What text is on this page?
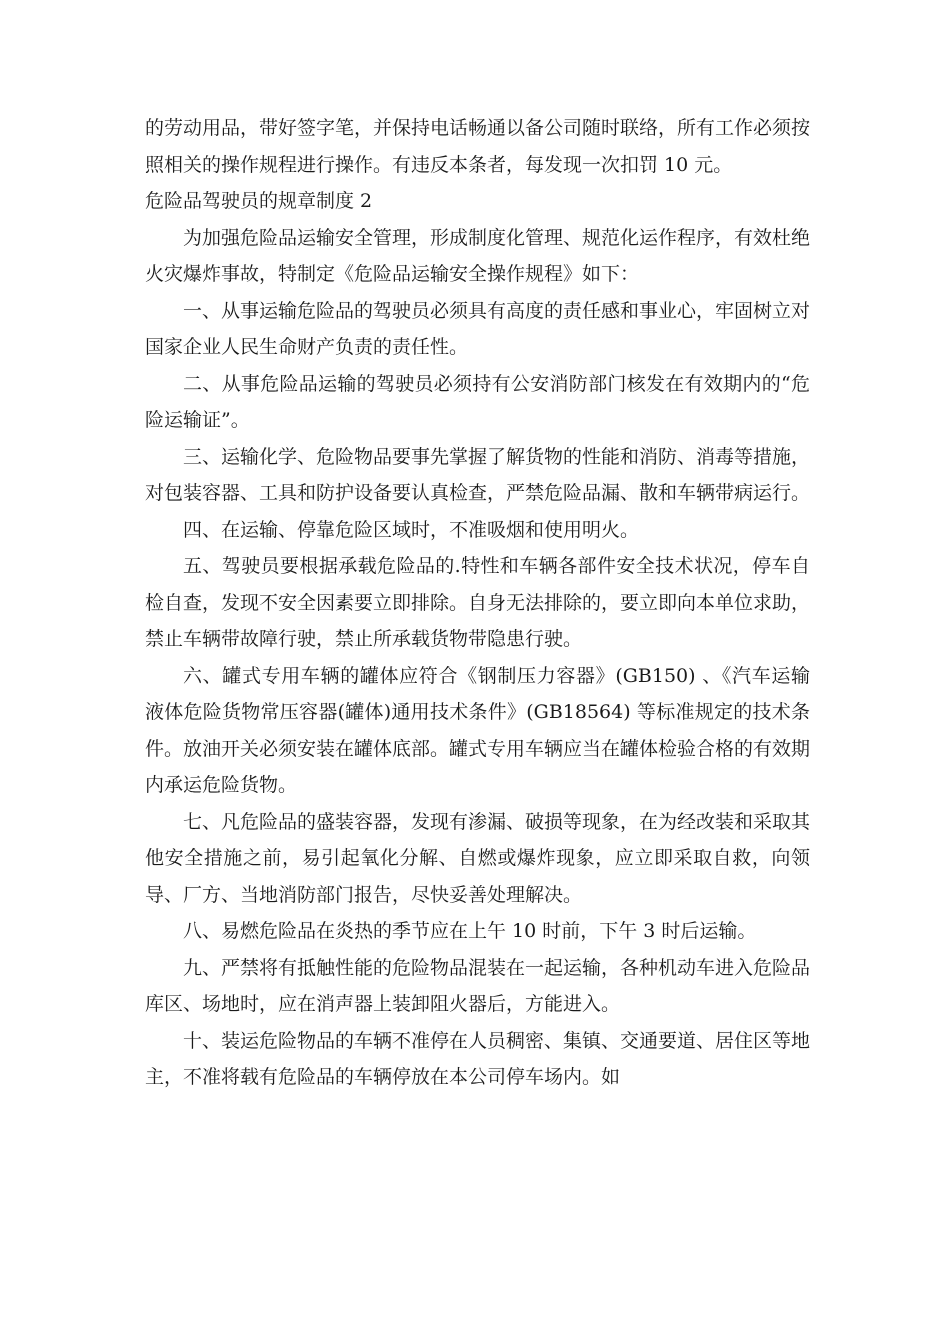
的劳动用品，带好签字笔，并保持电话畅通以备公司随时联络，所有工作必须按照相关的操作规程进行操作。有违反本条者，每发现一次扣罚 10 元。

危险品驾驶员的规章制度 2

为加强危险品运输安全管理，形成制度化管理、规范化运作程序，有效杜绝火灾爆炸事故，特制定《危险品运输安全操作规程》如下：

一、从事运输危险品的驾驶员必须具有高度的责任感和事业心，牢固树立对国家企业人民生命财产负责的责任性。

二、从事危险品运输的驾驶员必须持有公安消防部门核发在有效期内的“危险运输证”。

三、运输化学、危险物品要事先掌握了解货物的性能和消防、消毒等措施，对包装容器、工具和防护设备要认真检查，严禁危险品漏、散和车辆带病运行。

四、在运输、停靠危险区域时，不准吸烟和使用明火。

五、驾驶员要根据承载危险品的.特性和车辆各部件安全技术状况，停车自检自查，发现不安全因素要立即排除。自身无法排除的，要立即向本单位求助，禁止车辆带故障行驶，禁止所承载货物带隐患行驶。

六、罐式专用车辆的罐体应符合《钢制压力容器》(GB150) 、《汽车运输液体危险货物常压容器(罐体)通用技术条件》(GB18564) 等标准规定的技术条件。放油开关必须安装在罐体底部。罐式专用车辆应当在罐体检验合格的有效期内承运危险货物。

七、凡危险品的盛装容器，发现有渗漏、破损等现象，在为经改装和采取其他安全措施之前，易引起氧化分解、自燃或爆炸现象，应立即采取自救，向领导、厂方、当地消防部门报告，尽快妥善处理解决。

八、易燃危险品在炎热的季节应在上午 10 时前，下午 3 时后运输。

九、严禁将有抵触性能的危险物品混装在一起运输，各种机动车进入危险品库区、场地时，应在消声器上装卸阻火器后，方能进入。

十、装运危险物品的车辆不准停在人员稠密、集镇、交通要道、居住区等地主，不准将载有危险品的车辆停放在本公司停车场内。如
